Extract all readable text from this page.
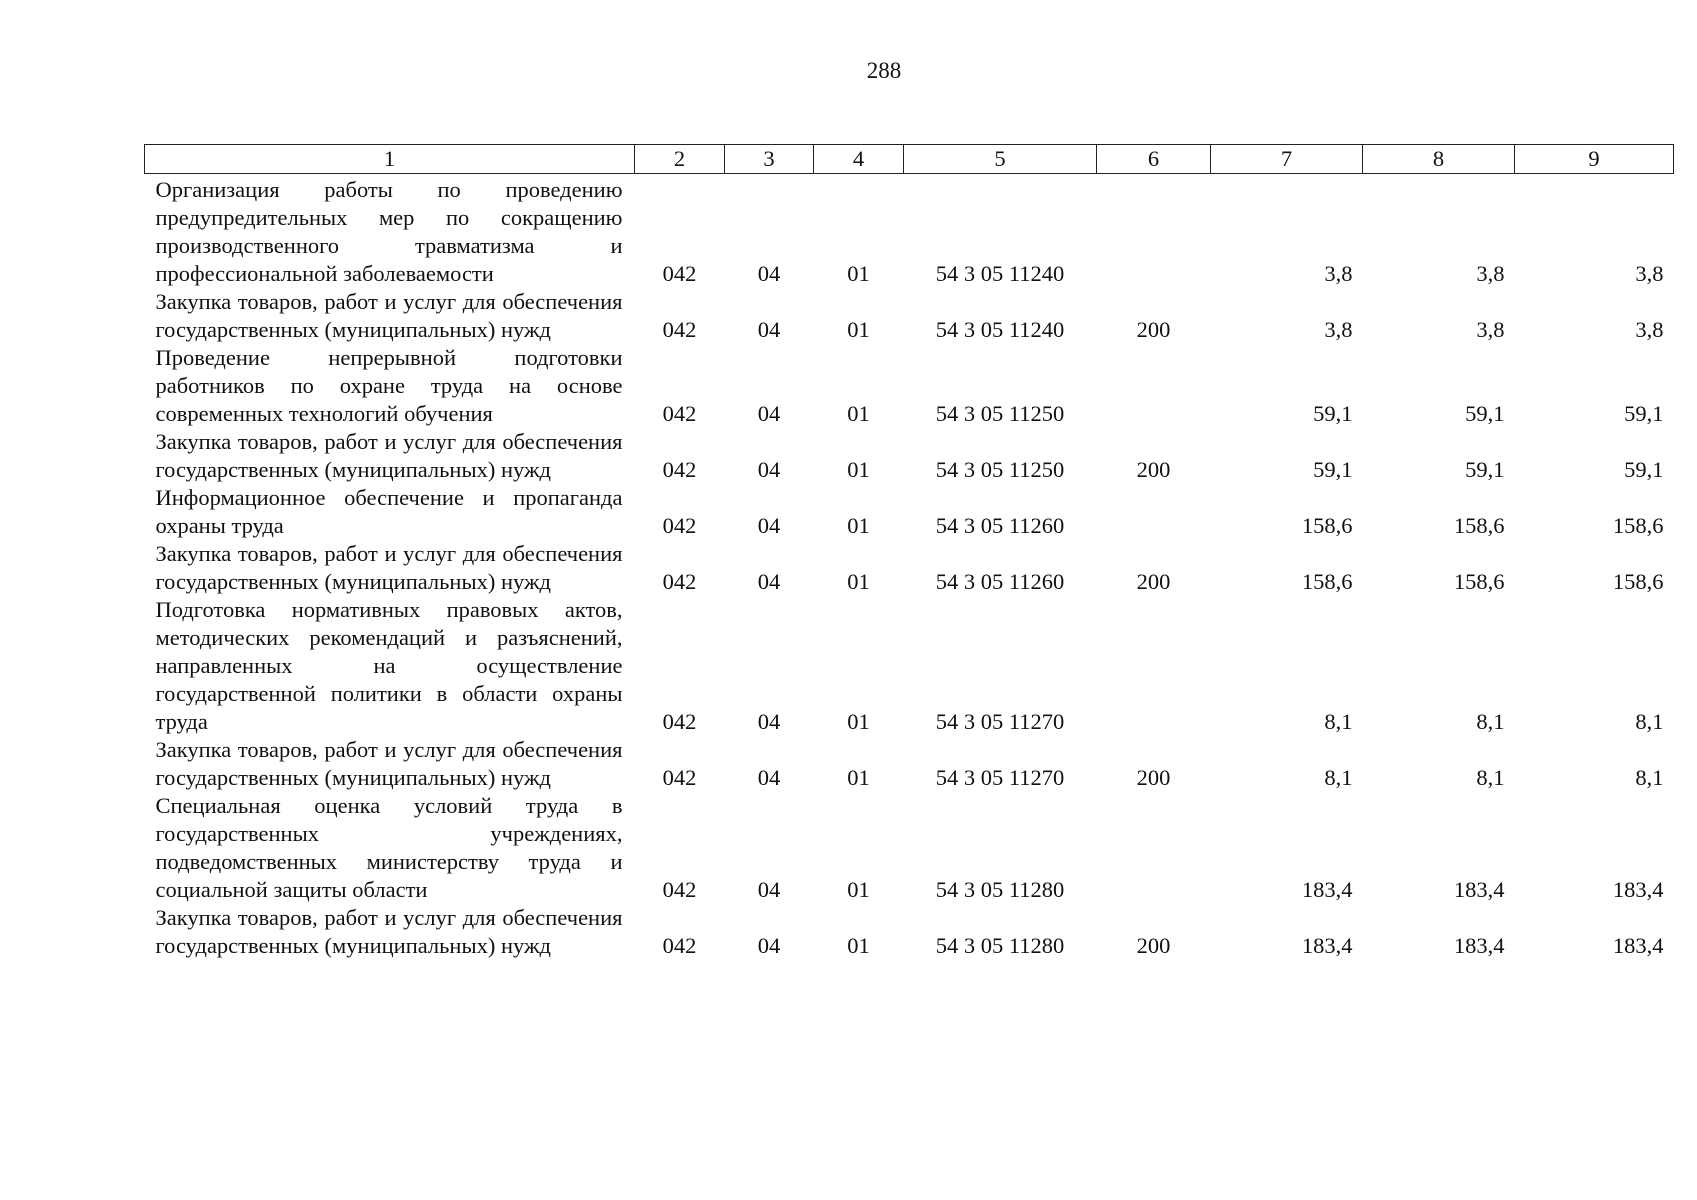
288
1	2	3	4	5	6	7	8	9
Организация работы по проведению предупредительных мер по сокращению производственного травматизма и профессиональной заболеваемости	042	04	01	54 3 05 11240		3,8	3,8	3,8
Закупка товаров, работ и услуг для обеспечения государственных (муниципальных) нужд	042	04	01	54 3 05 11240	200	3,8	3,8	3,8
Проведение непрерывной подготовки работников по охране труда на основе современных технологий обучения	042	04	01	54 3 05 11250		59,1	59,1	59,1
Закупка товаров, работ и услуг для обеспечения государственных (муниципальных) нужд	042	04	01	54 3 05 11250	200	59,1	59,1	59,1
Информационное обеспечение и пропаганда охраны труда	042	04	01	54 3 05 11260		158,6	158,6	158,6
Закупка товаров, работ и услуг для обеспечения государственных (муниципальных) нужд	042	04	01	54 3 05 11260	200	158,6	158,6	158,6
Подготовка нормативных правовых актов, методических рекомендаций и разъяснений, направленных на осуществление государственной политики в области охраны труда	042	04	01	54 3 05 11270		8,1	8,1	8,1
Закупка товаров, работ и услуг для обеспечения государственных (муниципальных) нужд	042	04	01	54 3 05 11270	200	8,1	8,1	8,1
Специальная оценка условий труда в государственных учреждениях, подведомственных министерству труда и социальной защиты области	042	04	01	54 3 05 11280		183,4	183,4	183,4
Закупка товаров, работ и услуг для обеспечения государственных (муниципальных) нужд	042	04	01	54 3 05 11280	200	183,4	183,4	183,4
